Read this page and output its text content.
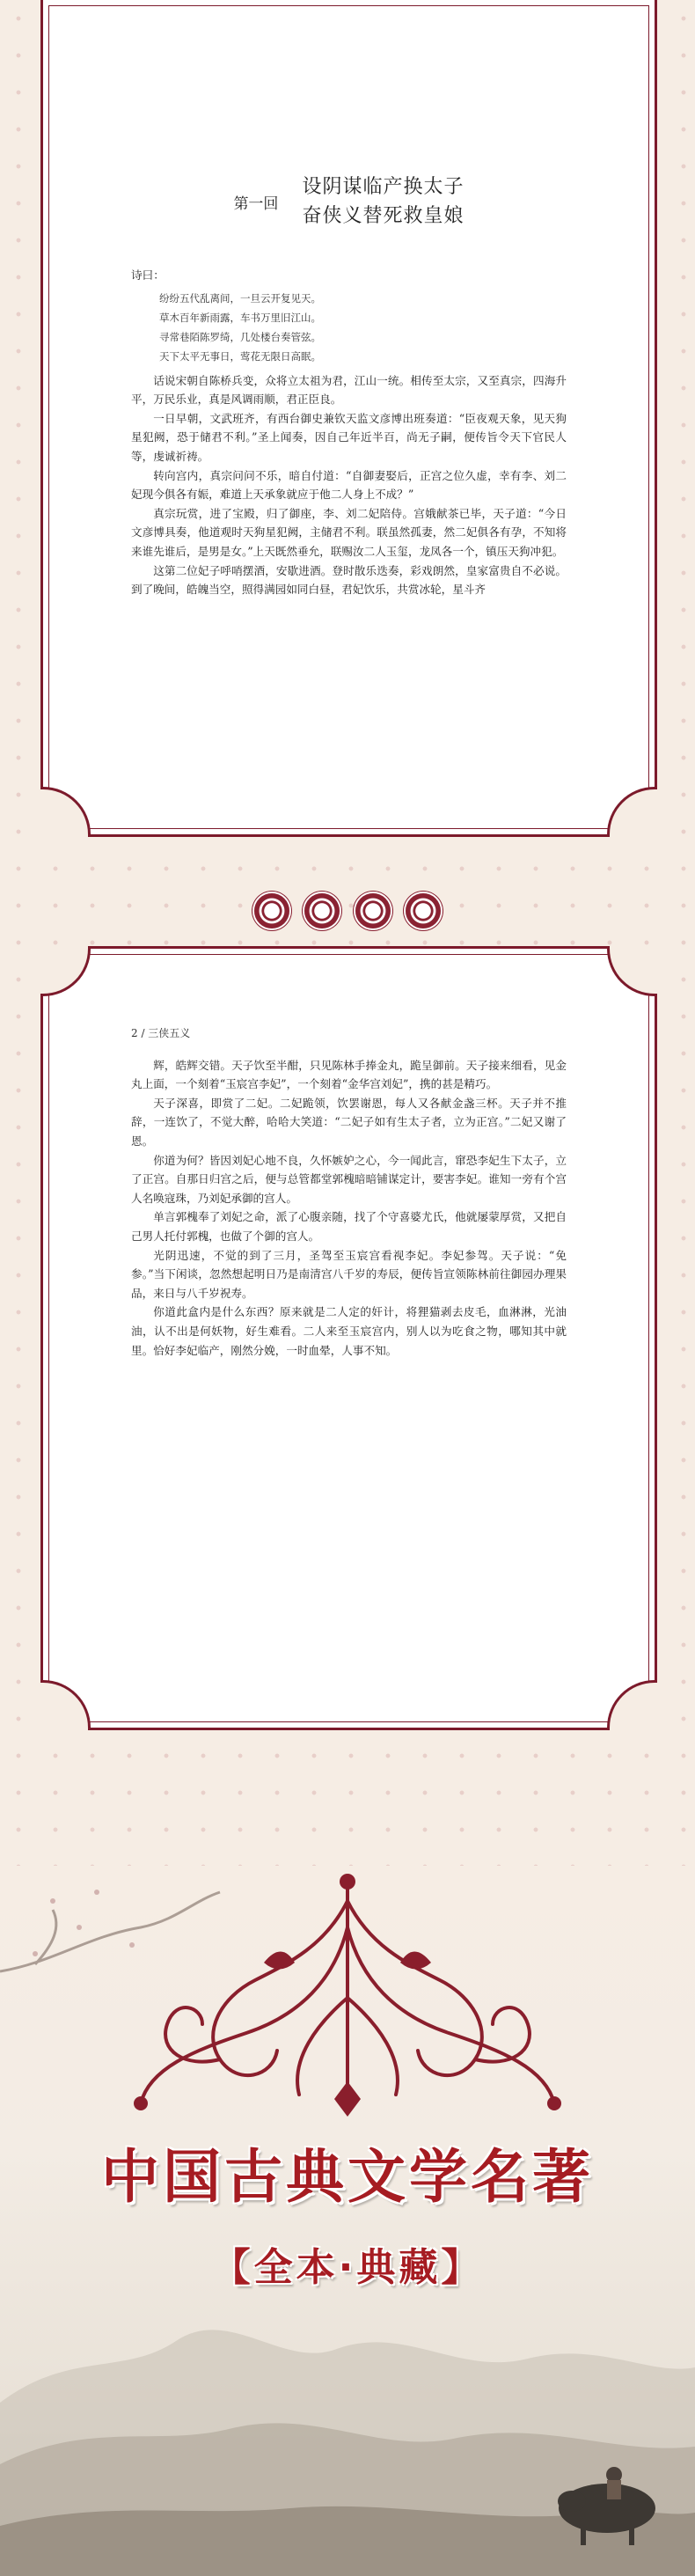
第一回 设阴谋临产换太子
奋侠义替死救皇娘

诗曰：

纷纷五代乱离间，一旦云开复见天。
草木百年新雨露，车书万里旧江山。
寻常巷陌陈罗绮，几处楼台奏管弦。
天下太平无事日，莺花无限日高眠。

话说宋朝自陈桥兵变，众将立太祖为君，江山一统。相传至太宗，又至真宗，四海升平，万民乐业，真是风调雨顺，君正臣良。

一日早朝，文武班齐，有西台御史兼钦天监文彦博出班奏道：“臣夜观天象，见天狗星犯阙，恐于储君不利。”圣上闻奏，因自己年近半百，尚无子嗣，便传旨令天下官民人等，虔诚祈祷。

转向宫内，真宗问问不乐，暗自付道：“自御妻娶后，正宫之位久虚，幸有李、刘二妃现今俱各有娠，难道上天承象就应于他二人身上不成？”

真宗玩赏，进了宝殿，归了御座，李、刘二妃陪侍。宫娥献茶已毕，天子道：“今日文彦博具奏，他道观时天狗星犯阙，主储君不利。联虽然孤妻，然二妃俱各有孕，不知将来谁先谁后，是男是女。”上天既然垂允，联赐汝二人玉玺，龙凤各一个，镇压天狗冲犯。

这第二位妃子呼哨摆酒，安歇进酒。登时散乐迭奏，彩戏朗然，皇家富贵自不必说。到了晚间，皓魄当空，照得满园如同白昼，君妃饮乐，共赏冰轮，星斗齐

2 / 三侠五义

辉，皓辉交错。天子饮至半酣，只见陈林手捧金丸，跪呈御前。天子接来细看，见金丸上面，一个刻着“玉宸宫李妃”，一个刻着“金华宫刘妃”，携的甚是精巧。

天子深喜，即赏了二妃。二妃跪领，饮罢谢恩，每人又各献金盏三杯。天子并不推辞，一连饮了，不觉大醉，哈哈大笑道：“二妃子如有生太子者，立为正宫。”二妃又谢了恩。

你道为何？皆因刘妃心地不良，久怀嫉妒之心，今一闻此言，窜恐李妃生下太子，立了正宫。自那日归宫之后，便与总管都堂郭槐暗暗铺谋定计，要害李妃。谁知一旁有个宫人名唤寇珠，乃刘妃承御的宫人。

单言郭槐奉了刘妃之命，派了心腹亲随，找了个守喜婆尤氏，他就屡蒙厚赏，又把自己男人托付郭槐，也做了个御的宫人。

光阴迅速，不觉的到了三月，圣驾至玉宸宫看视李妃。李妃参驾。天子说：“免参。”当下闲谈，忽然想起明日乃是南清宫八千岁的寿辰，便传旨宣领陈林前往御园办理果品，来日与八千岁祝寿。

你道此盒内是什么东西？原来就是二人定的奸计，将狸猫剥去皮毛，血淋淋，光油油，认不出是何妖物，好生难看。二人来至玉宸宫内，别人以为吃食之物，哪知其中就里。恰好李妃临产，刚然分娩，一时血晕，人事不知。

中国古典文学名著
【全本·典藏】
